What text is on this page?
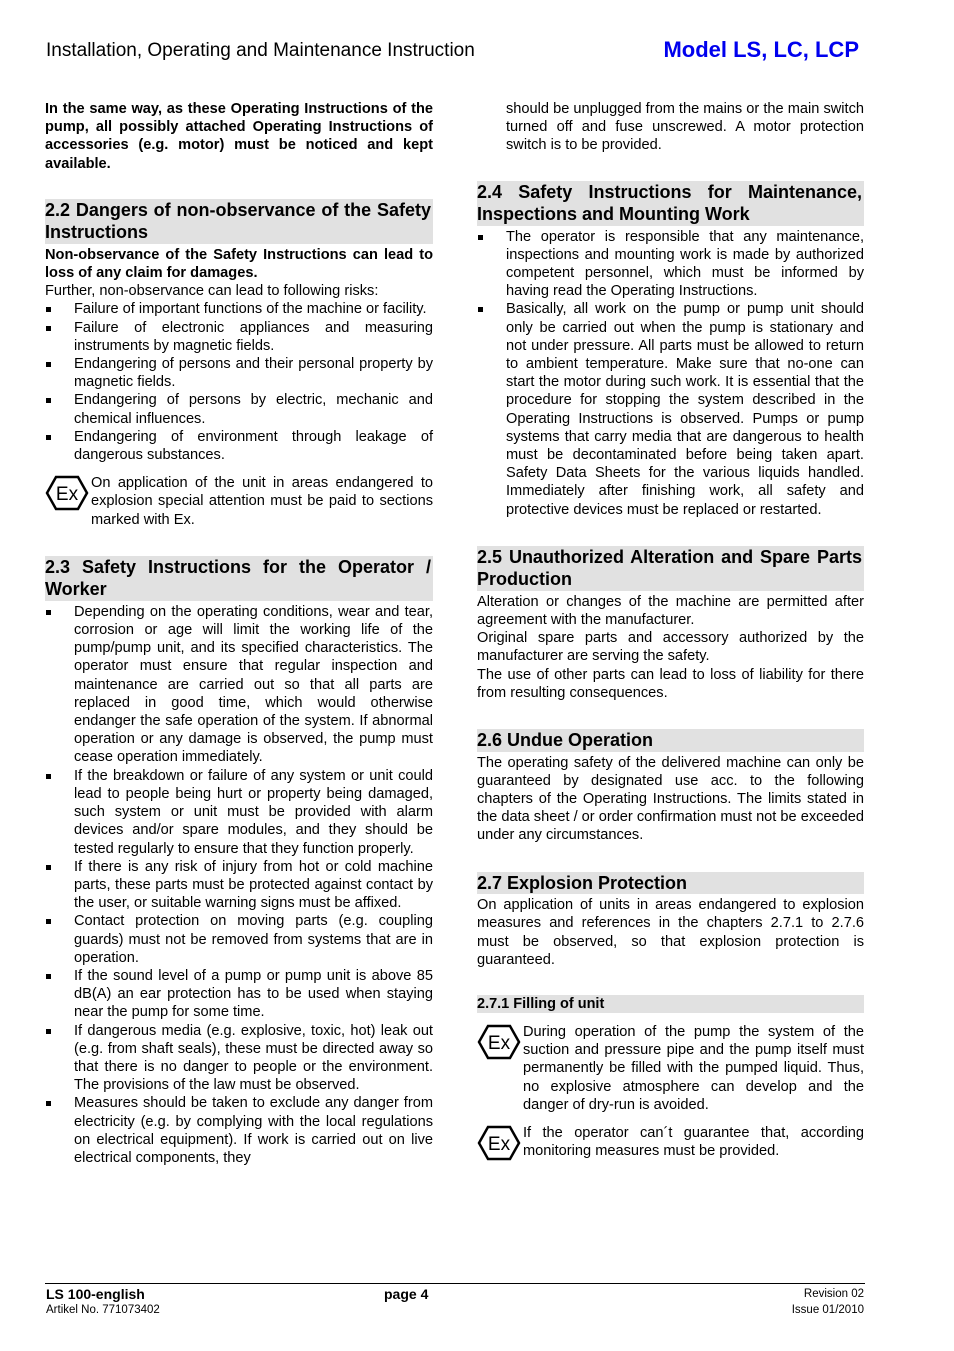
Installation, Operating and Maintenance Instruction	Model LS, LC, LCP

In the same way, as these Operating Instructions of the pump, all possibly attached Operating Instructions of accessories (e.g. motor) must be noticed and kept available.

2.2 Dangers of non-observance of the Safety Instructions

Non-observance of the Safety Instructions can lead to loss of any claim for damages.

Further, non-observance can lead to following risks:

Failure of important functions of the machine or facility.
Failure of electronic appliances and measuring instruments by magnetic fields.
Endangering of persons and their personal property by magnetic fields.
Endangering of persons by electric, mechanic and chemical influences.
Endangering of environment through leakage of dangerous substances.
Ex
On application of the unit in areas endangered to explosion special attention must be paid to sections marked with Ex.
2.3 Safety Instructions for the Operator / Worker
Depending on the operating conditions, wear and tear, corrosion or age will limit the working life of the pump/pump unit, and its specified characteristics. The operator must ensure that regular inspection and maintenance are carried out so that all parts are replaced in good time, which would otherwise endanger the safe operation of the system. If abnormal operation or any damage is observed, the pump must cease operation immediately.
If the breakdown or failure of any system or unit could lead to people being hurt or property being damaged, such system or unit must be provided with alarm devices and/or spare modules, and they should be tested regularly to ensure that they function properly.
If there is any risk of injury from hot or cold machine parts, these parts must be protected against contact by the user, or suitable warning signs must be affixed.
Contact protection on moving parts (e.g. coupling guards) must not be removed from systems that are in operation.
If the sound level of a pump or pump unit is above 85 dB(A) an ear protection has to be used when staying near the pump for some time.
If dangerous media (e.g. explosive, toxic, hot) leak out (e.g. from shaft seals), these must be directed away so that there is no danger to people or the environment. The provisions of the law must be observed.
Measures should be taken to exclude any danger from electricity (e.g. by complying with the local regulations on electrical equipment). If work is carried out on live electrical components, they

should be unplugged from the mains or the main switch turned off and fuse unscrewed. A motor protection switch is to be provided.

2.4 Safety Instructions for Maintenance, Inspections and Mounting Work
The operator is responsible that any maintenance, inspections and mounting work is made by authorized competent personnel, which must be informed by having read the Operating Instructions.
Basically, all work on the pump or pump unit should only be carried out when the pump is stationary and not under pressure. All parts must be allowed to return to ambient temperature. Make sure that no-one can start the motor during such work. It is essential that the procedure for stopping the system described in the Operating Instructions is observed. Pumps or pump systems that carry media that are dangerous to health must be decontaminated before being taken apart. Safety Data Sheets for the various liquids handled. Immediately after finishing work, all safety and protective devices must be replaced or restarted.
2.5 Unauthorized Alteration and Spare Parts Production

Alteration or changes of the machine are permitted after agreement with the manufacturer.

Original spare parts and accessory authorized by the manufacturer are serving the safety.

The use of other parts can lead to loss of liability for there from resulting consequences.

2.6 Undue Operation

The operating safety of the delivered machine can only be guaranteed by designated use acc. to the following chapters of the Operating Instructions. The limits stated in the data sheet / or order confirmation must not be exceeded under any circumstances.

2.7 Explosion Protection

On application of units in areas endangered to explosion measures and references in the chapters 2.7.1 to 2.7.6 must be observed, so that explosion protection is guaranteed.

2.7.1 Filling of unit
Ex
During operation of the pump the system of the suction and pressure pipe and the pump itself must permanently be filled with the pumped liquid. Thus, no explosive atmosphere can develop and the danger of dry-run is avoided.
Ex
If the operator can´t guarantee that, according monitoring measures must be provided.
LS 100-english
Artikel No. 771073402
page 4	Revision 02
Issue 01/2010
